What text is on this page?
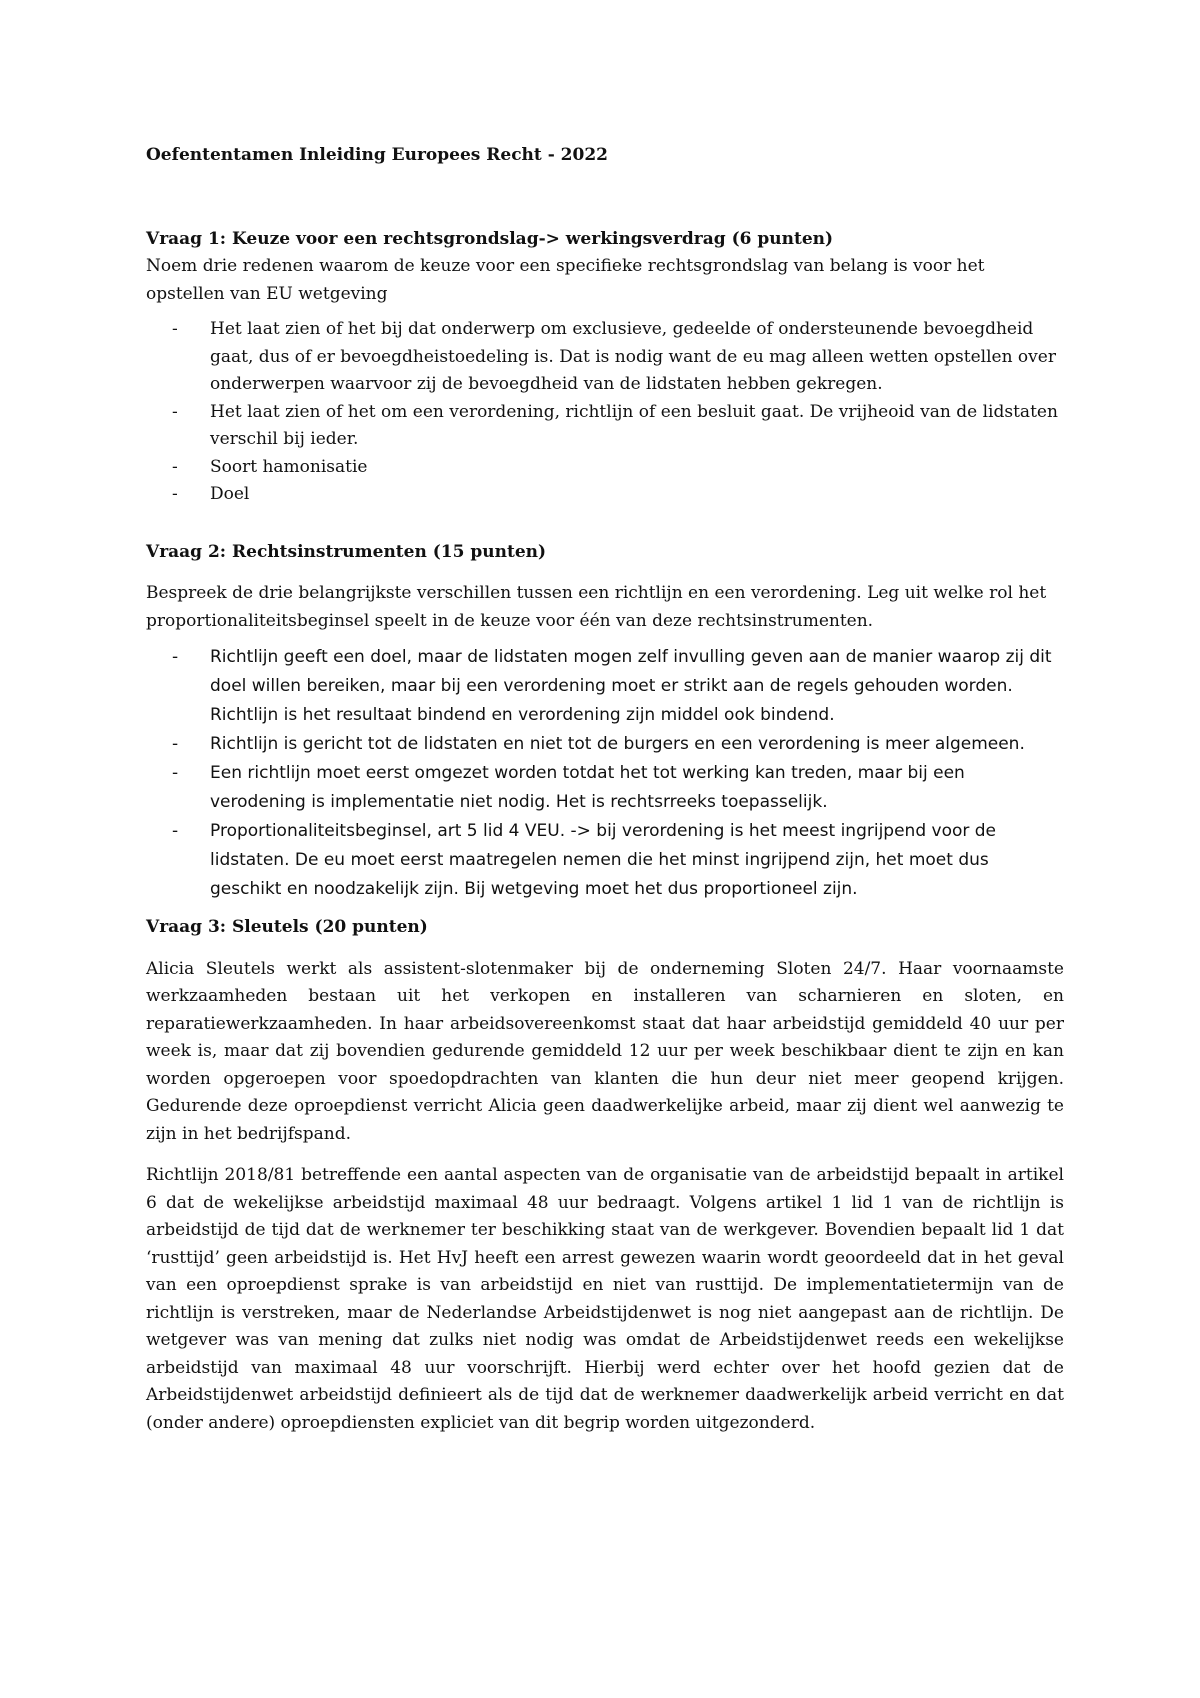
Oefententamen Inleiding Europees Recht - 2022

Vraag 1: Keuze voor een rechtsgrondslag-> werkingsverdrag (6 punten)

Noem drie redenen waarom de keuze voor een specifieke rechtsgrondslag van belang is voor het opstellen van EU wetgeving

- Het laat zien of het bij dat onderwerp om exclusieve, gedeelde of ondersteunende bevoegdheid gaat, dus of er bevoegdheistoedeling is. Dat is nodig want de eu mag alleen wetten opstellen over onderwerpen waarvoor zij de bevoegdheid van de lidstaten hebben gekregen.
- Het laat zien of het om een verordening, richtlijn of een besluit gaat. De vrijheoid van de lidstaten verschil bij ieder.
- Soort hamonisatie
- Doel

Vraag 2: Rechtsinstrumenten (15 punten)

Bespreek de drie belangrijkste verschillen tussen een richtlijn en een verordening. Leg uit welke rol het proportionaliteitsbeginsel speelt in de keuze voor één van deze rechtsinstrumenten.

- Richtlijn geeft een doel, maar de lidstaten mogen zelf invulling geven aan de manier waarop zij dit doel willen bereiken, maar bij een verordening moet er strikt aan de regels gehouden worden. Richtlijn is het resultaat bindend en verordening zijn middel ook bindend.
- Richtlijn is gericht tot de lidstaten en niet tot de burgers en een verordening is meer algemeen.
- Een richtlijn moet eerst omgezet worden totdat het tot werking kan treden, maar bij een verodening is implementatie niet nodig. Het is rechtsrreeks toepasselijk.
- Proportionaliteitsbeginsel, art 5 lid 4 VEU. -> bij verordening is het meest ingrijpend voor de lidstaten. De eu moet eerst maatregelen nemen die het minst ingrijpend zijn, het moet dus geschikt en noodzakelijk zijn. Bij wetgeving moet het dus proportioneel zijn.

Vraag 3: Sleutels (20 punten)

Alicia Sleutels werkt als assistent-slotenmaker bij de onderneming Sloten 24/7. Haar voornaamste werkzaamheden bestaan uit het verkopen en installeren van scharnieren en sloten, en reparatiewerkzaamheden. In haar arbeidsovereenkomst staat dat haar arbeidstijd gemiddeld 40 uur per week is, maar dat zij bovendien gedurende gemiddeld 12 uur per week beschikbaar dient te zijn en kan worden opgeroepen voor spoedopdrachten van klanten die hun deur niet meer geopend krijgen. Gedurende deze oproepdienst verricht Alicia geen daadwerkelijke arbeid, maar zij dient wel aanwezig te zijn in het bedrijfspand.

Richtlijn 2018/81 betreffende een aantal aspecten van de organisatie van de arbeidstijd bepaalt in artikel 6 dat de wekelijkse arbeidstijd maximaal 48 uur bedraagt. Volgens artikel 1 lid 1 van de richtlijn is arbeidstijd de tijd dat de werknemer ter beschikking staat van de werkgever. Bovendien bepaalt lid 1 dat ‘rusttijd’ geen arbeidstijd is. Het HvJ heeft een arrest gewezen waarin wordt geoordeeld dat in het geval van een oproepdienst sprake is van arbeidstijd en niet van rusttijd. De implementatietermijn van de richtlijn is verstreken, maar de Nederlandse Arbeidstijdenwet is nog niet aangepast aan de richtlijn. De wetgever was van mening dat zulks niet nodig was omdat de Arbeidstijdenwet reeds een wekelijkse arbeidstijd van maximaal 48 uur voorschrijft. Hierbij werd echter over het hoofd gezien dat de Arbeidstijdenwet arbeidstijd definieert als de tijd dat de werknemer daadwerkelijk arbeid verricht en dat (onder andere) oproepdiensten expliciet van dit begrip worden uitgezonderd.
